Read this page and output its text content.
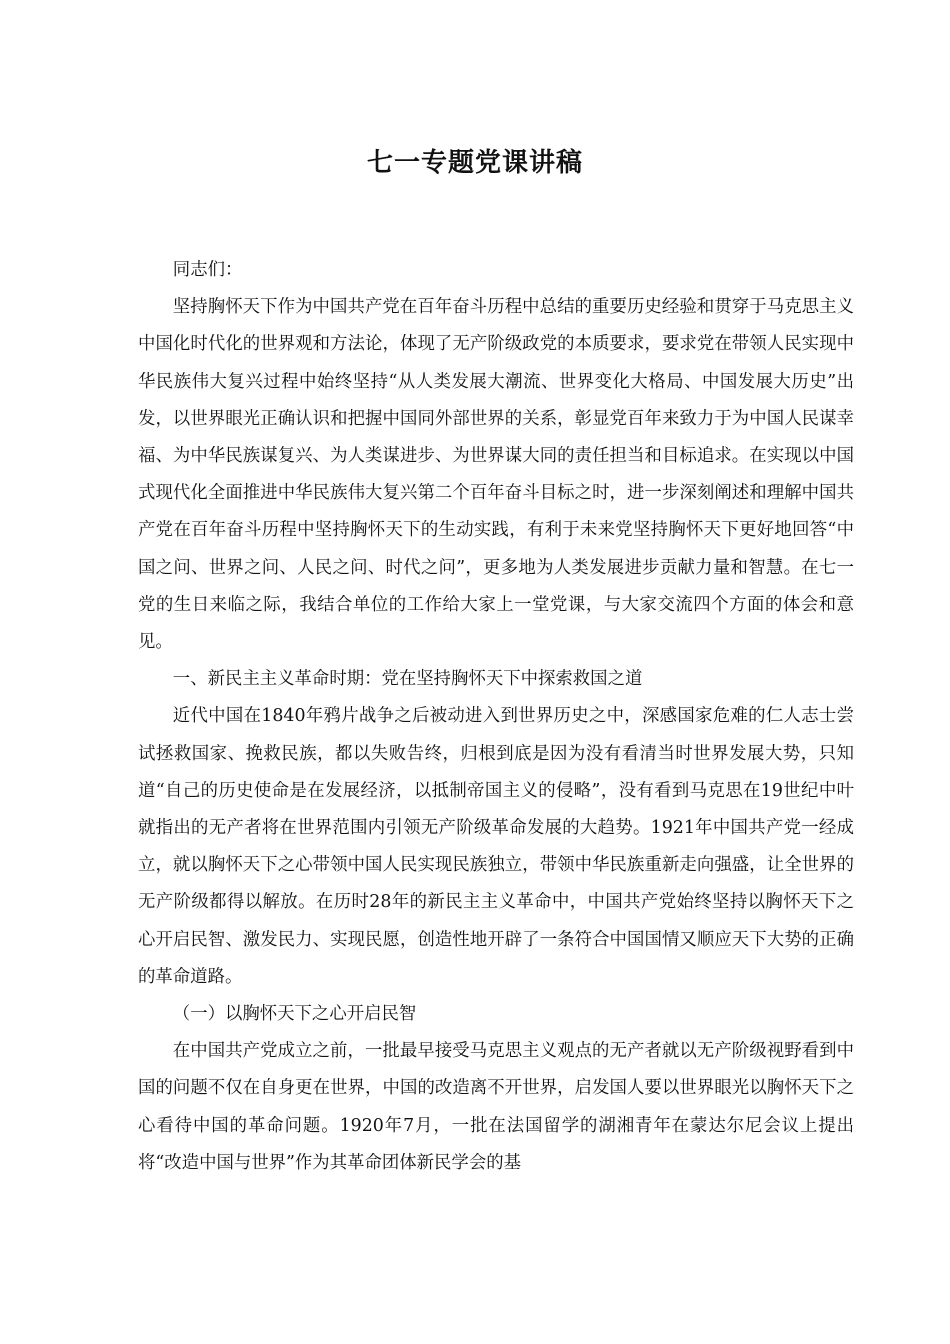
七一专题党课讲稿

同志们：

坚持胸怀天下作为中国共产党在百年奋斗历程中总结的重要历史经验和贯穿于马克思主义中国化时代化的世界观和方法论，体现了无产阶级政党的本质要求，要求党在带领人民实现中华民族伟大复兴过程中始终坚持“从人类发展大潮流、世界变化大格局、中国发展大历史”出发，以世界眼光正确认识和把握中国同外部世界的关系，彰显党百年来致力于为中国人民谋幸福、为中华民族谋复兴、为人类谋进步、为世界谋大同的责任担当和目标追求。在实现以中国式现代化全面推进中华民族伟大复兴第二个百年奋斗目标之时，进一步深刻阐述和理解中国共产党在百年奋斗历程中坚持胸怀天下的生动实践，有利于未来党坚持胸怀天下更好地回答“中国之问、世界之问、人民之问、时代之问”，更多地为人类发展进步贡献力量和智慧。在七一党的生日来临之际，我结合单位的工作给大家上一堂党课，与大家交流四个方面的体会和意见。

一、新民主主义革命时期：党在坚持胸怀天下中探索救国之道

近代中国在1840年鸦片战争之后被动进入到世界历史之中，深感国家危难的仁人志士尝试拯救国家、挽救民族，都以失败告终，归根到底是因为没有看清当时世界发展大势，只知道“自己的历史使命是在发展经济，以抵制帝国主义的侵略”，没有看到马克思在19世纪中叶就指出的无产者将在世界范围内引领无产阶级革命发展的大趋势。1921年中国共产党一经成立，就以胸怀天下之心带领中国人民实现民族独立，带领中华民族重新走向强盛，让全世界的无产阶级都得以解放。在历时28年的新民主主义革命中，中国共产党始终坚持以胸怀天下之心开启民智、激发民力、实现民愿，创造性地开辟了一条符合中国国情又顺应天下大势的正确的革命道路。

（一）以胸怀天下之心开启民智

在中国共产党成立之前，一批最早接受马克思主义观点的无产者就以无产阶级视野看到中国的问题不仅在自身更在世界，中国的改造离不开世界，启发国人要以世界眼光以胸怀天下之心看待中国的革命问题。1920年7月，一批在法国留学的湖湘青年在蒙达尔尼会议上提出将“改造中国与世界”作为其革命团体新民学会的基
